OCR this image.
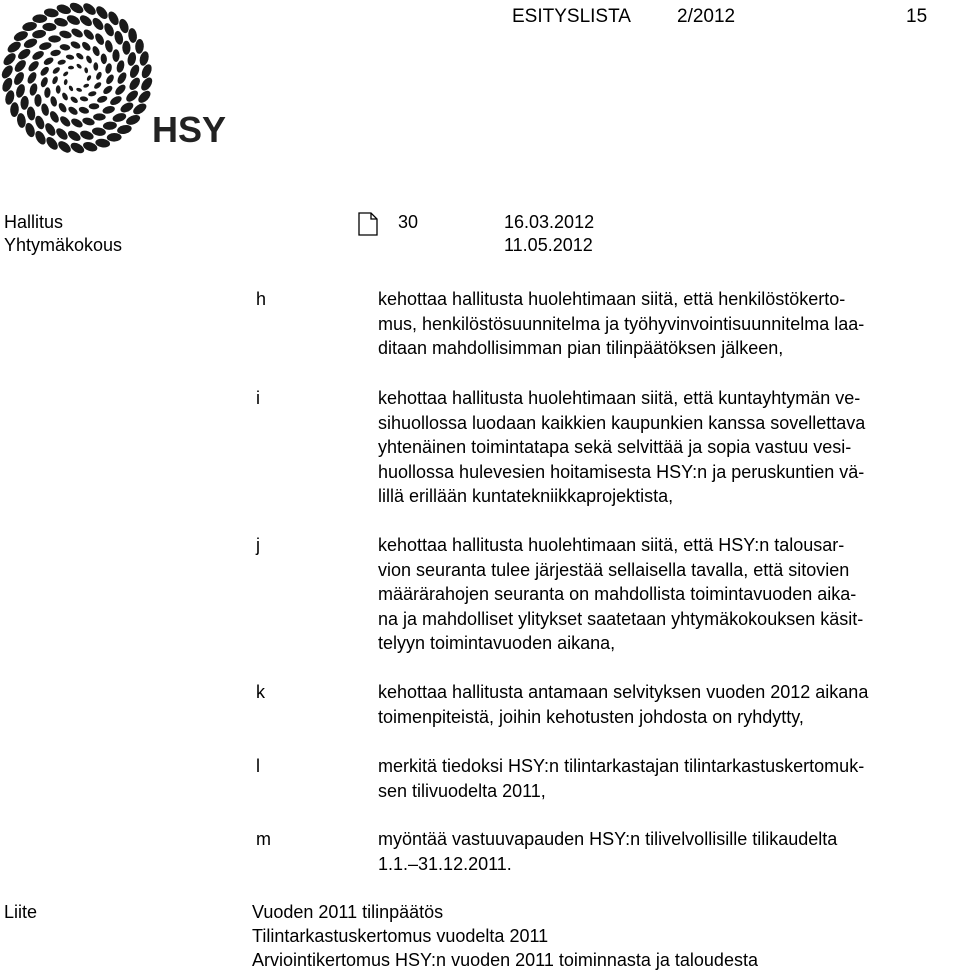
HSY
ESITYSLISTA 2/2012	15
Hallitus	30	16.03.2012
Yhtymäkokous	11.05.2012
h	kehottaa hallitusta huolehtimaan siitä, että henkilöstökerto-
mus, henkilöstösuunnitelma ja työhyvinvointisuunnitelma laa-
ditaan mahdollisimman pian tilinpäätöksen jälkeen,
i	kehottaa hallitusta huolehtimaan siitä, että kuntayhtymän ve-
sihuollossa luodaan kaikkien kaupunkien kanssa sovellettava
yhtenäinen toimintatapa sekä selvittää ja sopia vastuu vesi-
huollossa hulevesien hoitamisesta HSY:n ja peruskuntien vä-
lillä erillään kuntatekniikkaprojektista,
j	kehottaa hallitusta huolehtimaan siitä, että HSY:n talousar-
vion seuranta tulee järjestää sellaisella tavalla, että sitovien
määrärahojen seuranta on mahdollista toimintavuoden aika-
na ja mahdolliset ylitykset saatetaan yhtymäkokouksen käsit-
telyyn toimintavuoden aikana,
k	kehottaa hallitusta antamaan selvityksen vuoden 2012 aikana
toimenpiteistä, joihin kehotusten johdosta on ryhdytty,
l	merkitä tiedoksi HSY:n tilintarkastajan tilintarkastuskertomuk-
sen tilivuodelta 2011,
m	myöntää vastuuvapauden HSY:n tilivelvollisille tilikaudelta
1.1.–31.12.2011.
Liite	Vuoden 2011 tilinpäätös
Tilintarkastuskertomus vuodelta 2011
Arviointikertomus HSY:n vuoden 2011 toiminnasta ja taloudesta
